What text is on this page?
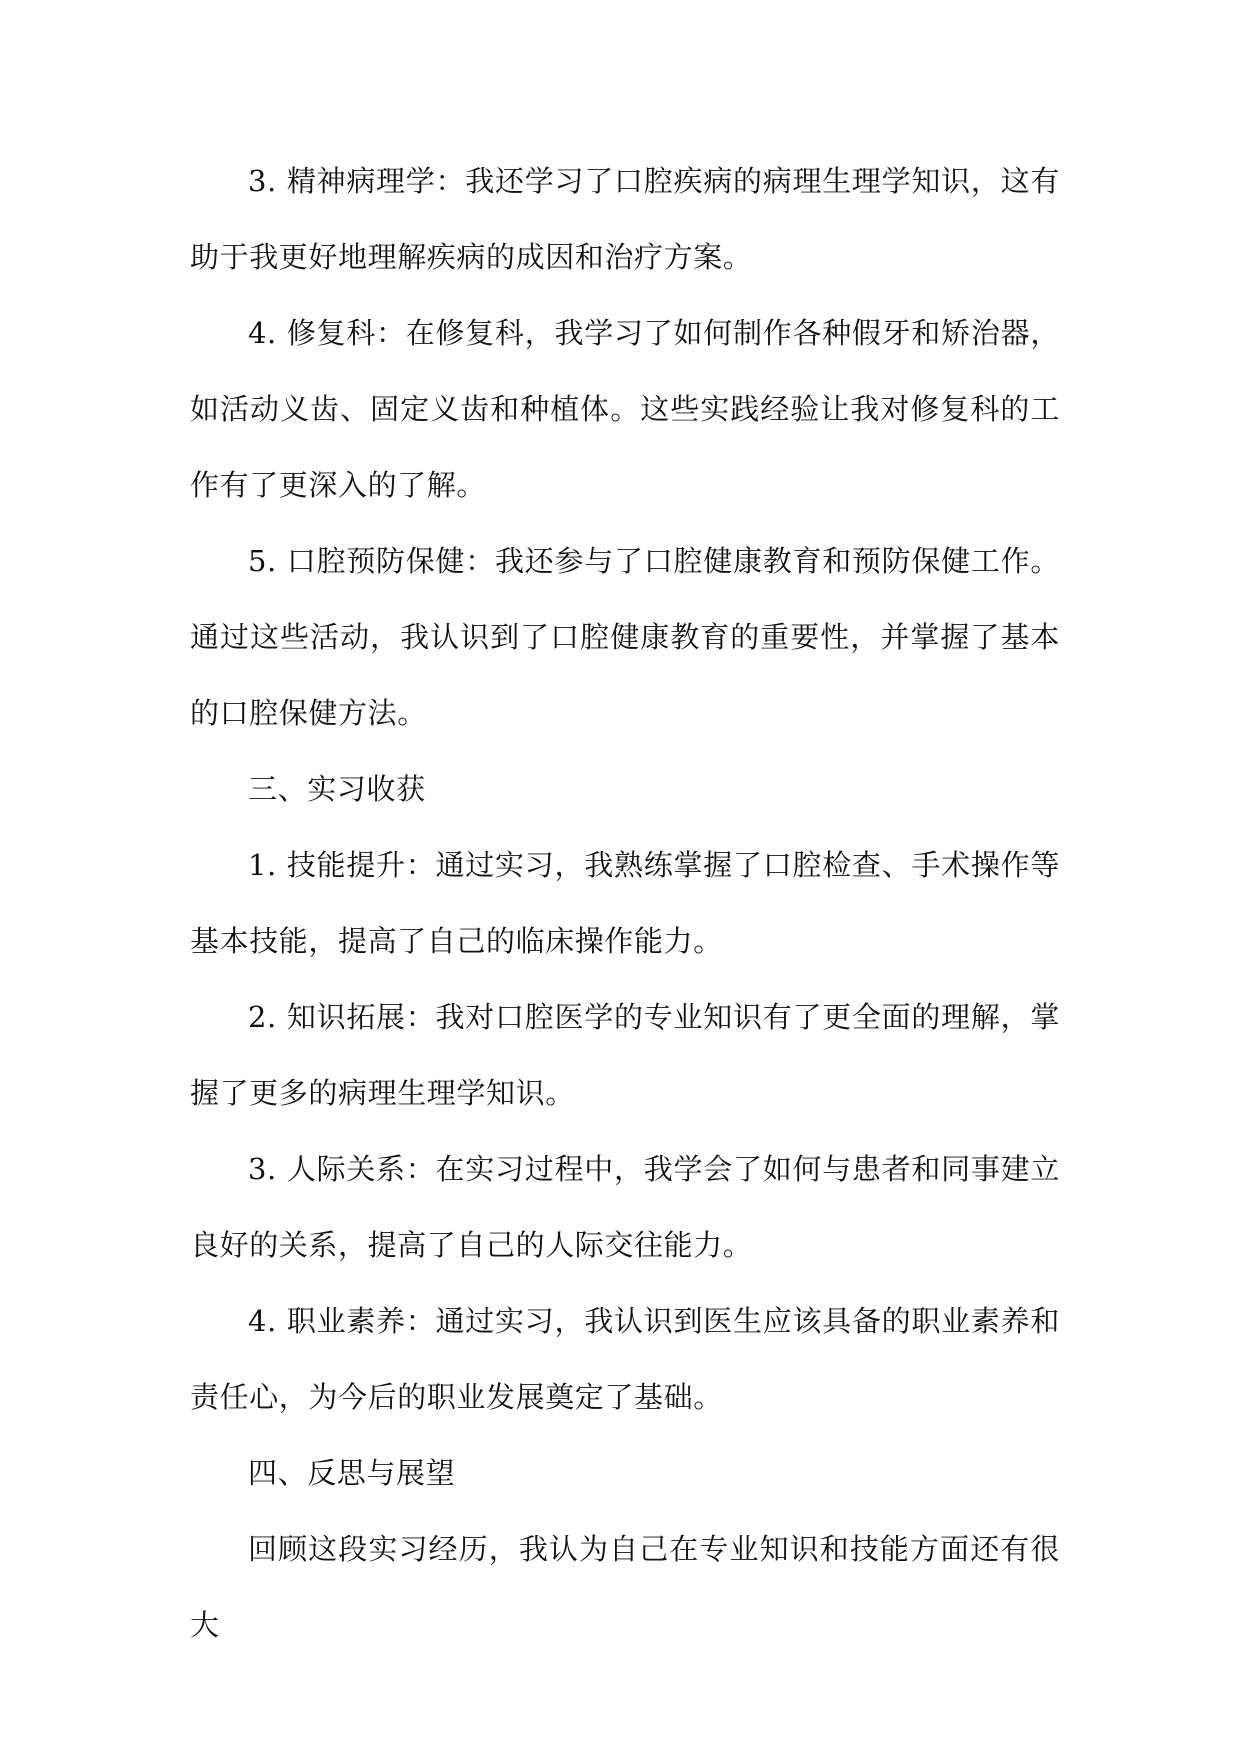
3. 精神病理学：我还学习了口腔疾病的病理生理学知识，这有助于我更好地理解疾病的成因和治疗方案。

4. 修复科：在修复科，我学习了如何制作各种假牙和矫治器，如活动义齿、固定义齿和种植体。这些实践经验让我对修复科的工作有了更深入的了解。

5. 口腔预防保健：我还参与了口腔健康教育和预防保健工作。通过这些活动，我认识到了口腔健康教育的重要性，并掌握了基本的口腔保健方法。

三、实习收获

1. 技能提升：通过实习，我熟练掌握了口腔检查、手术操作等基本技能，提高了自己的临床操作能力。

2. 知识拓展：我对口腔医学的专业知识有了更全面的理解，掌握了更多的病理生理学知识。

3. 人际关系：在实习过程中，我学会了如何与患者和同事建立良好的关系，提高了自己的人际交往能力。

4. 职业素养：通过实习，我认识到医生应该具备的职业素养和责任心，为今后的职业发展奠定了基础。

四、反思与展望

回顾这段实习经历，我认为自己在专业知识和技能方面还有很大
